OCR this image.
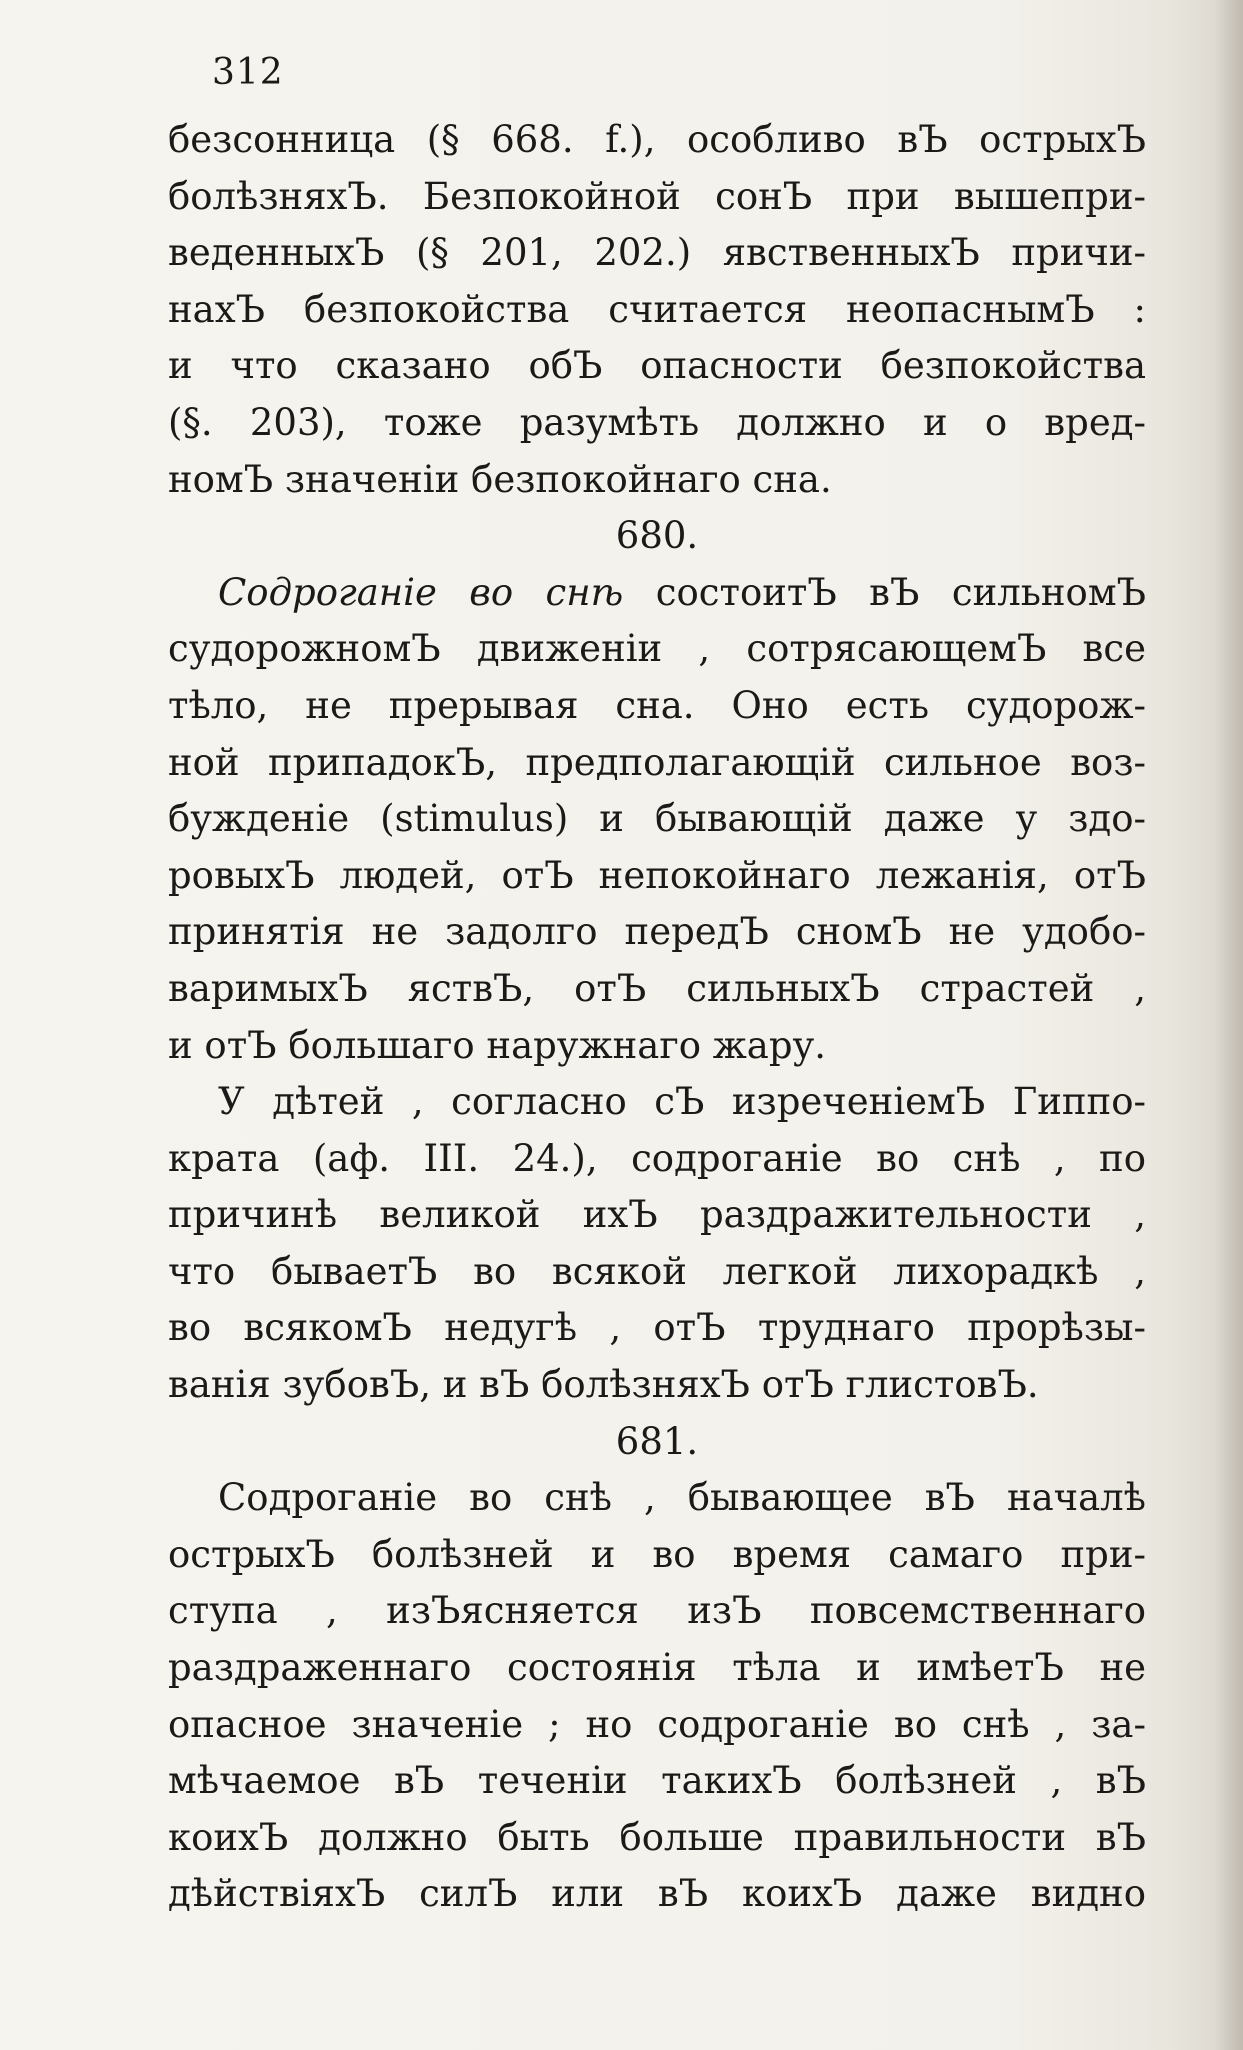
312
безсонница (§ 668. f.), особливо вЪ острыхЪ
болѣзняхЪ. Безпокойной сонЪ при вышепри-
веденныхЪ (§ 201, 202.) явственныхЪ причи-
нахЪ безпокойства считается неопаснымЪ :
и что сказано обЪ опасности безпокойства
(§. 203), тоже разумѣть должно и о вред-
номЪ значеніи безпокойнаго сна.
680.
Содроганіе во снѣ состоитЪ вЪ сильномЪ
судорожномЪ движеніи , сотрясающемЪ все
тѣло, не прерывая сна. Оно есть судорож-
ной припадокЪ, предполагающій сильное воз-
бужденіе (stimulus) и бывающій даже у здо-
ровыхЪ людей, отЪ непокойнаго лежанія, отЪ
принятія не задолго передЪ сномЪ не удобо-
варимыхЪ яствЪ, отЪ сильныхЪ страстей ,
и отЪ большаго наружнаго жару.
У дѣтей , согласно сЪ изреченіемЪ Гиппо-
крата (аф. III. 24.), содроганіе во снѣ , по
причинѣ великой ихЪ раздражительности ,
что бываетЪ во всякой легкой лихорадкѣ ,
во всякомЪ недугѣ , отЪ труднаго прорѣзы-
ванія зубовЪ, и вЪ болѣзняхЪ отЪ глистовЪ.
681.
Содроганіе во снѣ , бывающее вЪ началѣ
острыхЪ болѣзней и во время самаго при-
ступа , изЪясняется изЪ повсемственнаго
раздраженнаго состоянія тѣла и имѣетЪ не
опасное значеніе ; но содроганіе во снѣ , за-
мѣчаемое вЪ теченіи такихЪ болѣзней , вЪ
коихЪ должно быть больше правильности вЪ
дѣйствіяхЪ силЪ или вЪ коихЪ даже видно
